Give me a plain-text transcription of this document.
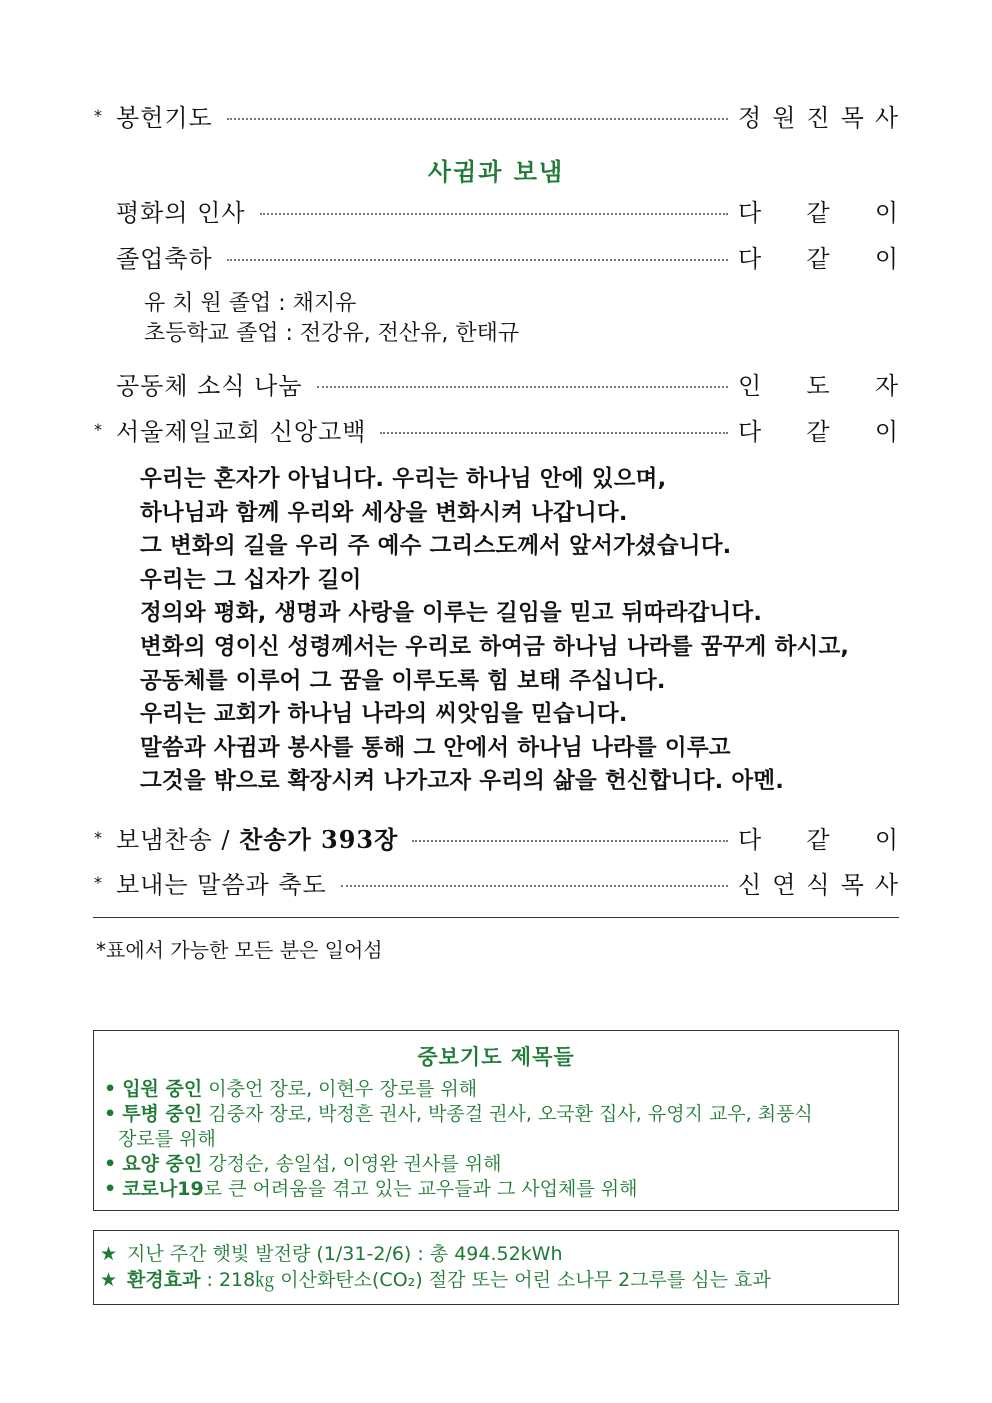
* 봉헌기도	정 원 진 목 사
사귐과 보냄
평화의 인사	다 같 이
졸업축하	다 같 이
유 치 원 졸업 : 채지유
초등학교 졸업 : 전강유, 전산유, 한태규
공동체 소식 나눔	인 도 자
* 서울제일교회 신앙고백	다 같 이
우리는 혼자가 아닙니다. 우리는 하나님 안에 있으며,
하나님과 함께 우리와 세상을 변화시켜 나갑니다.
그 변화의 길을 우리 주 예수 그리스도께서 앞서가셨습니다.
우리는 그 십자가 길이
정의와 평화, 생명과 사랑을 이루는 길임을 믿고 뒤따라갑니다.
변화의 영이신 성령께서는 우리로 하여금 하나님 나라를 꿈꾸게 하시고,
공동체를 이루어 그 꿈을 이루도록 힘 보태 주십니다.
우리는 교회가 하나님 나라의 씨앗임을 믿습니다.
말씀과 사귐과 봉사를 통해 그 안에서 하나님 나라를 이루고
그것을 밖으로 확장시켜 나가고자 우리의 삶을 헌신합니다. 아멘.
* 보냄찬송 / 찬송가 393장	다 같 이
* 보내는 말씀과 축도	신 연 식 목 사
*표에서 가능한 모든 분은 일어섬
중보기도 제목들
• 입원 중인 이충언 장로, 이현우 장로를 위해
• 투병 중인 김중자 장로, 박정흔 권사, 박종걸 권사, 오국환 집사, 유영지 교우, 최풍식
장로를 위해
• 요양 중인 강정순, 송일섭, 이영완 권사를 위해
• 코로나19로 큰 어려움을 겪고 있는 교우들과 그 사업체를 위해
★ 지난 주간 햇빛 발전량 (1/31-2/6) : 총 494.52kWh
★ 환경효과 : 218㎏ 이산화탄소(CO₂) 절감 또는 어린 소나무 2그루를 심는 효과
